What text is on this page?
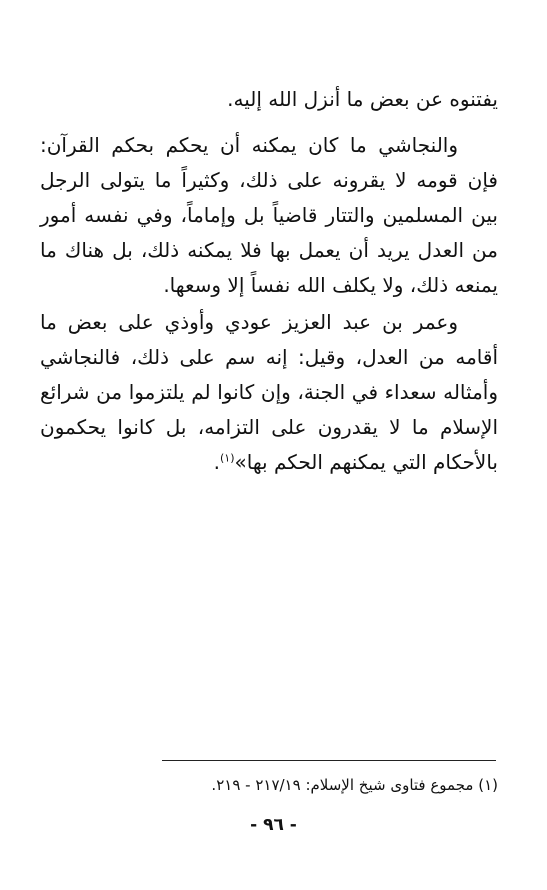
يفتنوه عن بعض ما أنزل الله إليه.

والنجاشي ما كان يمكنه أن يحكم بحكم القرآن: فإن قومه لا يقرونه على ذلك، وكثيراً ما يتولى الرجل بين المسلمين والتتار قاضياً بل وإماماً، وفي نفسه أمور من العدل يريد أن يعمل بها فلا يمكنه ذلك، بل هناك ما يمنعه ذلك، ولا يكلف الله نفساً إلا وسعها.

وعمر بن عبد العزيز عودي وأوذي على بعض ما أقامه من العدل، وقيل: إنه سم على ذلك، فالنجاشي وأمثاله سعداء في الجنة، وإن كانوا لم يلتزموا من شرائع الإسلام ما لا يقدرون على التزامه، بل كانوا يحكمون بالأحكام التي يمكنهم الحكم بها»$^{(١)}$.

(١) مجموع فتاوى شيخ الإسلام: ٢١٧/١٩ - ٢١٩.

- ٩٦ -
